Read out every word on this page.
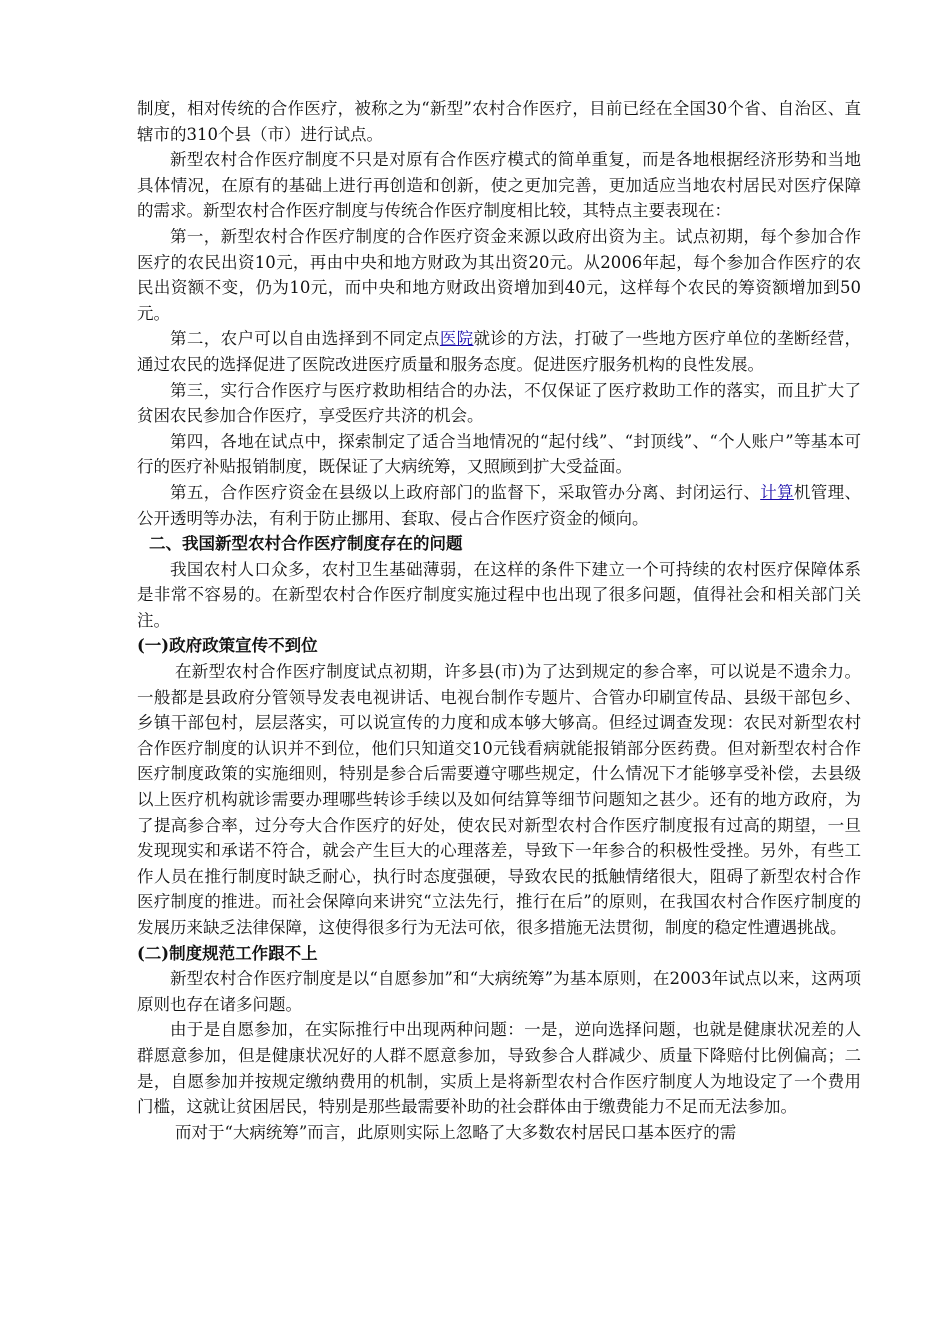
制度，相对传统的合作医疗，被称之为“新型”农村合作医疗，目前已经在全国30个省、自治区、直辖市的310个县（市）进行试点。

新型农村合作医疗制度不只是对原有合作医疗模式的简单重复，而是各地根据经济形势和当地具体情况，在原有的基础上进行再创造和创新，使之更加完善，更加适应当地农村居民对医疗保障的需求。新型农村合作医疗制度与传统合作医疗制度相比较，其特点主要表现在：

第一，新型农村合作医疗制度的合作医疗资金来源以政府出资为主。试点初期，每个参加合作医疗的农民出资10元，再由中央和地方财政为其出资20元。从2006年起，每个参加合作医疗的农民出资额不变，仍为10元，而中央和地方财政出资增加到40元，这样每个农民的筹资额增加到50元。

第二，农户可以自由选择到不同定点医院就诊的方法，打破了一些地方医疗单位的垄断经营，通过农民的选择促进了医院改进医疗质量和服务态度。促进医疗服务机构的良性发展。

第三，实行合作医疗与医疗救助相结合的办法，不仅保证了医疗救助工作的落实，而且扩大了贫困农民参加合作医疗，享受医疗共济的机会。

第四，各地在试点中，探索制定了适合当地情况的“起付线”、“封顶线”、“个人账户”等基本可行的医疗补贴报销制度，既保证了大病统筹，又照顾到扩大受益面。

第五，合作医疗资金在县级以上政府部门的监督下，采取管办分离、封闭运行、计算机管理、公开透明等办法，有利于防止挪用、套取、侵占合作医疗资金的倾向。

二、我国新型农村合作医疗制度存在的问题

我国农村人口众多，农村卫生基础薄弱，在这样的条件下建立一个可持续的农村医疗保障体系是非常不容易的。在新型农村合作医疗制度实施过程中也出现了很多问题，值得社会和相关部门关注。

(一)政府政策宣传不到位

在新型农村合作医疗制度试点初期，许多县(市)为了达到规定的参合率，可以说是不遗余力。一般都是县政府分管领导发表电视讲话、电视台制作专题片、合管办印刷宣传品、县级干部包乡、乡镇干部包村，层层落实，可以说宣传的力度和成本够大够高。但经过调查发现：农民对新型农村合作医疗制度的认识并不到位，他们只知道交10元钱看病就能报销部分医药费。但对新型农村合作医疗制度政策的实施细则，特别是参合后需要遵守哪些规定，什么情况下才能够享受补偿，去县级以上医疗机构就诊需要办理哪些转诊手续以及如何结算等细节问题知之甚少。还有的地方政府，为了提高参合率，过分夸大合作医疗的好处，使农民对新型农村合作医疗制度报有过高的期望，一旦发现现实和承诺不符合，就会产生巨大的心理落差，导致下一年参合的积极性受挫。另外，有些工作人员在推行制度时缺乏耐心，执行时态度强硬，导致农民的抵触情绪很大，阻碍了新型农村合作医疗制度的推进。而社会保障向来讲究“立法先行，推行在后”的原则，在我国农村合作医疗制度的发展历来缺乏法律保障，这使得很多行为无法可依，很多措施无法贯彻，制度的稳定性遭遇挑战。

(二)制度规范工作跟不上

新型农村合作医疗制度是以“自愿参加”和“大病统筹”为基本原则，在2003年试点以来，这两项原则也存在诸多问题。

由于是自愿参加，在实际推行中出现两种问题：一是，逆向选择问题，也就是健康状况差的人群愿意参加，但是健康状况好的人群不愿意参加，导致参合人群减少、质量下降赔付比例偏高；二是，自愿参加并按规定缴纳费用的机制，实质上是将新型农村合作医疗制度人为地设定了一个费用门槛，这就让贫困居民，特别是那些最需要补助的社会群体由于缴费能力不足而无法参加。

而对于“大病统筹”而言，此原则实际上忽略了大多数农村居民口基本医疗的需
